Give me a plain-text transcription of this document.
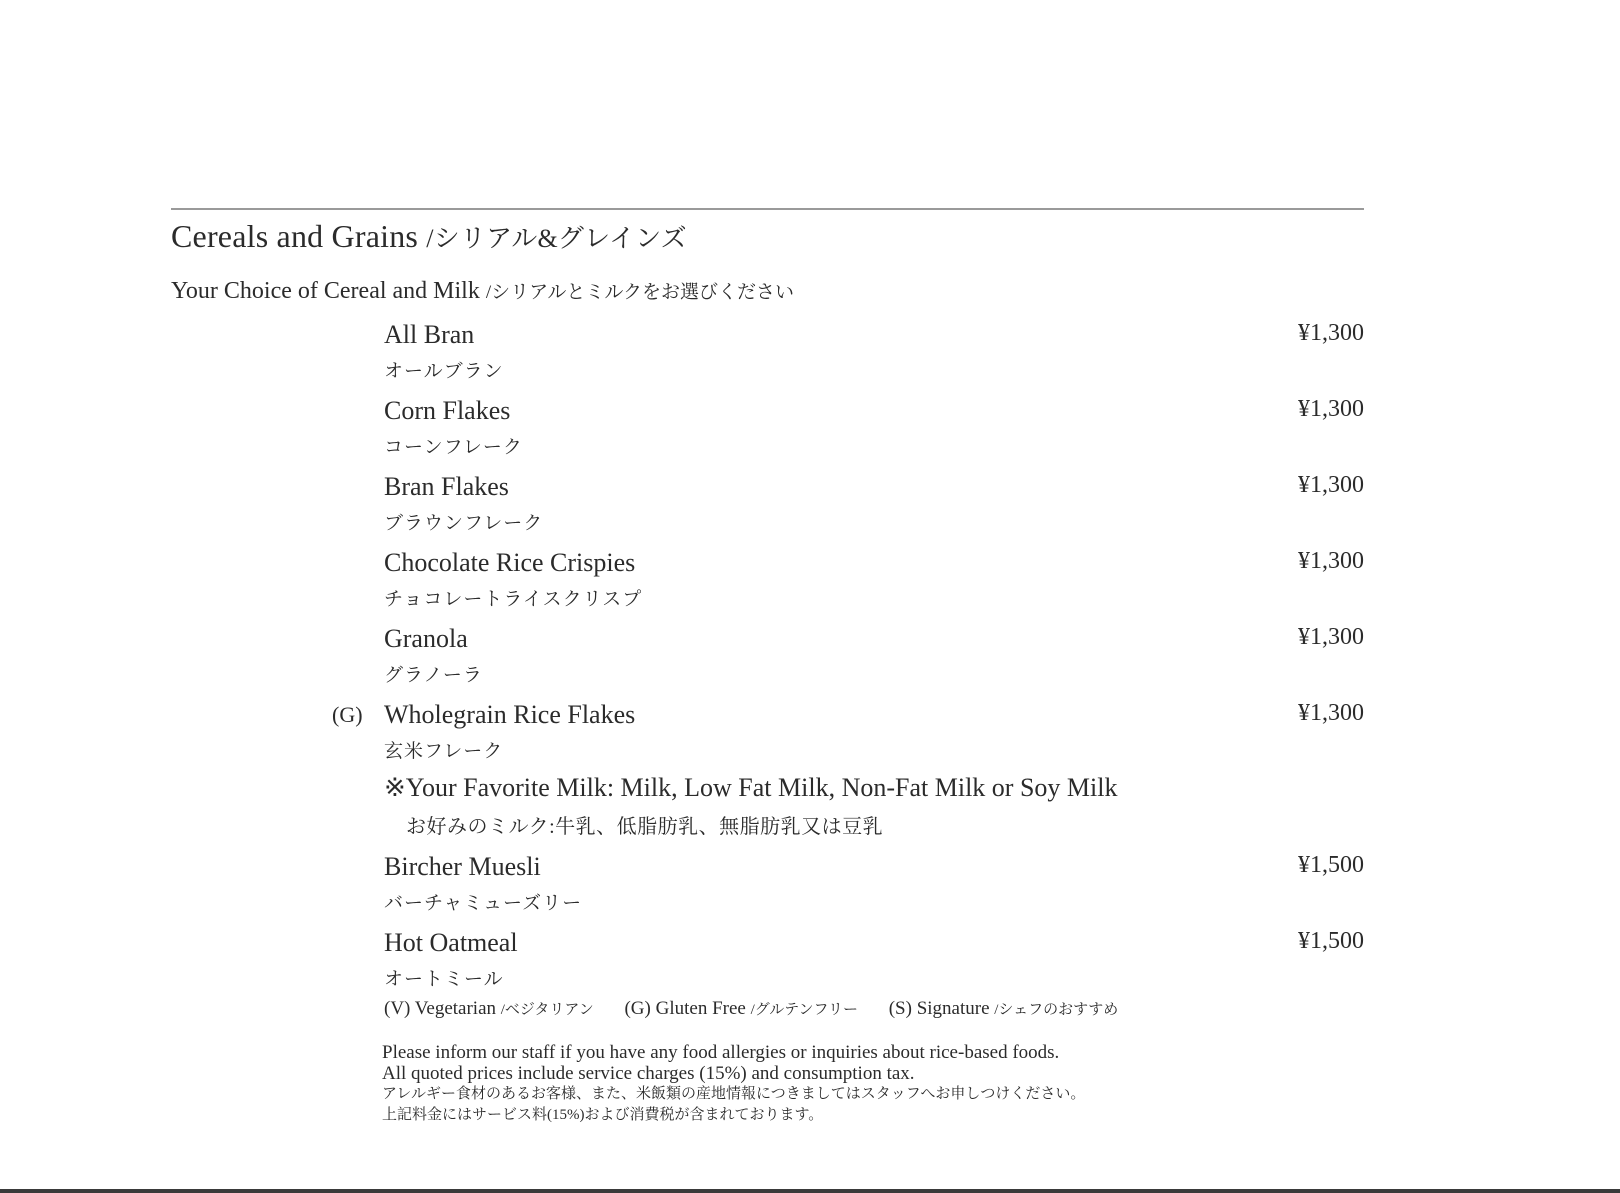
Cereals and Grains /シリアル&グレインズ
Your Choice of Cereal and Milk /シリアルとミルクをお選びください
All Bran
オールブラン
¥1,300
Corn Flakes
コーンフレーク
¥1,300
Bran Flakes
ブラウンフレーク
¥1,300
Chocolate Rice Crispies
チョコレートライスクリスプ
¥1,300
Granola
グラノーラ
¥1,300
(G) Wholegrain Rice Flakes
玄米フレーク
¥1,300
※Your Favorite Milk: Milk, Low Fat Milk, Non-Fat Milk or Soy Milk
お好みのミルク:牛乳、低脂肪乳、無脂肪乳又は豆乳
Bircher Muesli
バーチャミューズリー
¥1,500
Hot Oatmeal
オートミール
¥1,500
(V) Vegetarian /ベジタリアン (G) Gluten Free /グルテンフリー (S) Signature /シェフのおすすめ
Please inform our staff if you have any food allergies or inquiries about rice-based foods.
All quoted prices include service charges (15%) and consumption tax.
アレルギー食材のあるお客様、また、米飯類の産地情報につきましてはスタッフへお申しつけください。
上記料金にはサービス料(15%)および消費税が含まれております。
